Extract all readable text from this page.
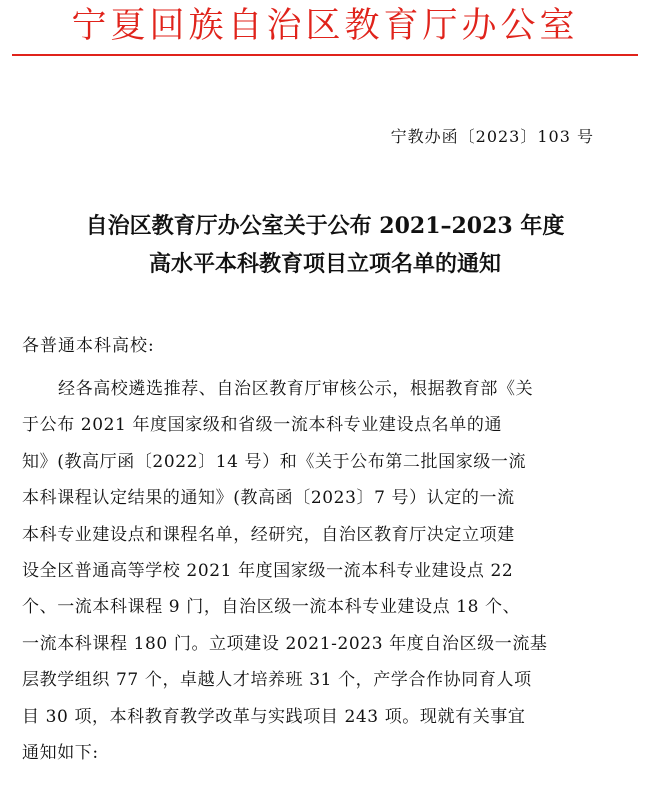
宁夏回族自治区教育厅办公室
宁教办函〔2023〕103 号
自治区教育厅办公室关于公布 2021–2023 年度
高水平本科教育项目立项名单的通知
各普通本科高校:
经各高校遴选推荐、自治区教育厅审核公示，根据教育部《关
于公布 2021 年度国家级和省级一流本科专业建设点名单的通
知》(教高厅函〔2022〕14 号）和《关于公布第二批国家级一流
本科课程认定结果的通知》(教高函〔2023〕7 号）认定的一流
本科专业建设点和课程名单，经研究，自治区教育厅决定立项建
设全区普通高等学校 2021 年度国家级一流本科专业建设点 22
个、一流本科课程 9 门，自治区级一流本科专业建设点 18 个、
一流本科课程 180 门。立项建设 2021-2023 年度自治区级一流基
层教学组织 77 个，卓越人才培养班 31 个，产学合作协同育人项
目 30 项，本科教育教学改革与实践项目 243 项。现就有关事宜
通知如下:
